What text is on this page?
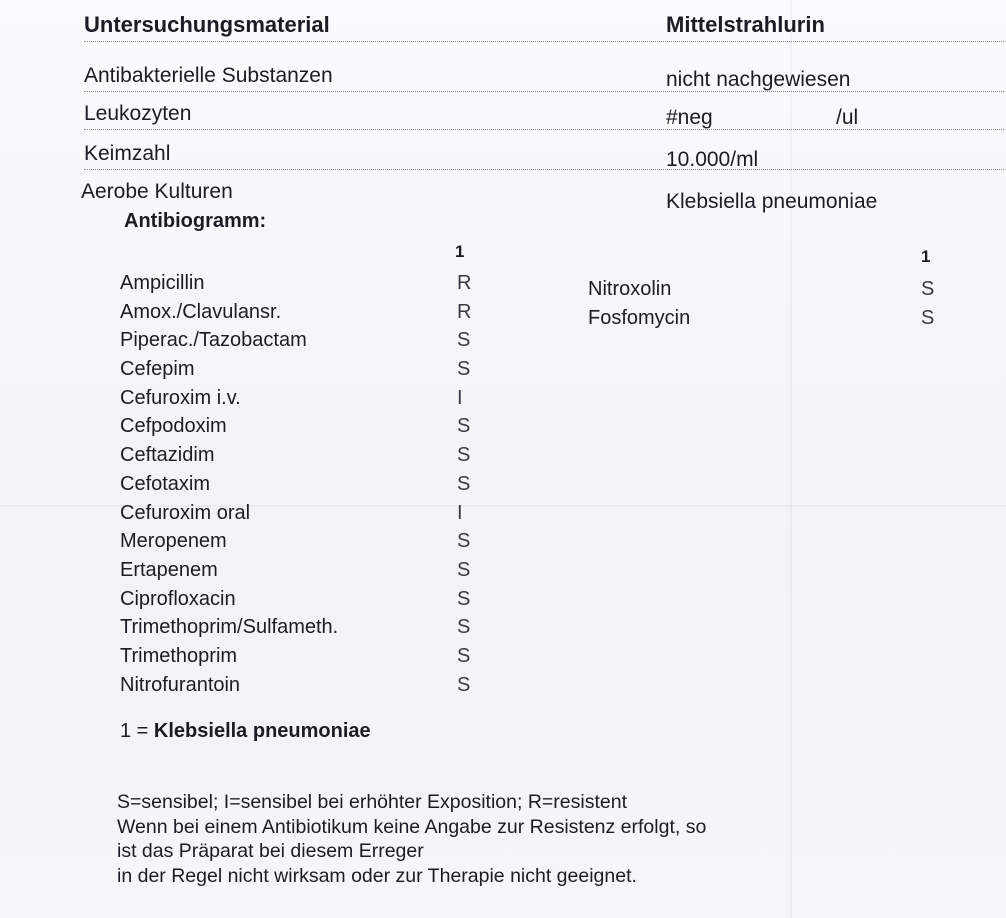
Untersuchungsmaterial	Mittelstrahlurin
Antibakterielle Substanzen	nicht nachgewiesen
Leukozyten	#neg	/ul
Keimzahl	10.000/ml
Aerobe Kulturen	Klebsiella pneumoniae
Antibiogramm:
1	1
Ampicillin	R
Amox./Clavulansr.	R
Piperac./Tazobactam	S
Cefepim	S
Cefuroxim i.v.	I
Cefpodoxim	S
Ceftazidim	S
Cefotaxim	S
Cefuroxim oral	I
Meropenem	S
Ertapenem	S
Ciprofloxacin	S
Trimethoprim/Sulfameth.	S
Trimethoprim	S
Nitrofurantoin	S
Nitroxolin	S
Fosfomycin	S
1 = Klebsiella pneumoniae
S=sensibel; I=sensibel bei erhöhter Exposition; R=resistent
Wenn bei einem Antibiotikum keine Angabe zur Resistenz erfolgt, so
ist das Präparat bei diesem Erreger
in der Regel nicht wirksam oder zur Therapie nicht geeignet.
